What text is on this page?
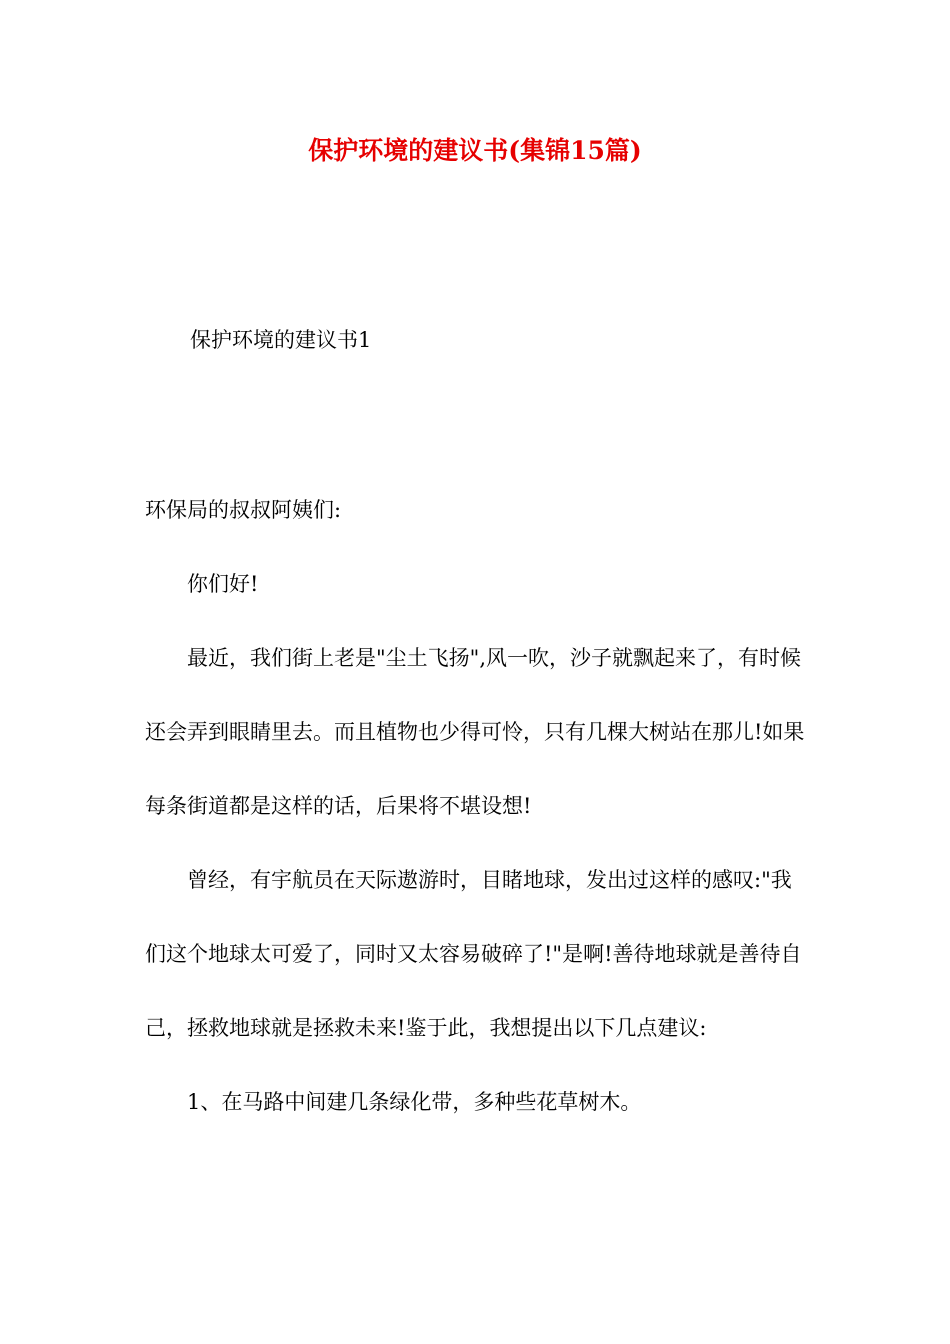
保护环境的建议书(集锦15篇)
保护环境的建议书1

环保局的叔叔阿姨们:

你们好!

最近，我们街上老是"尘土飞扬",风一吹，沙子就飘起来了，有时候还会弄到眼睛里去。而且植物也少得可怜，只有几棵大树站在那儿!如果每条街道都是这样的话，后果将不堪设想!

曾经，有宇航员在天际遨游时，目睹地球，发出过这样的感叹:"我们这个地球太可爱了，同时又太容易破碎了!"是啊!善待地球就是善待自己，拯救地球就是拯救未来!鉴于此，我想提出以下几点建议:

1、在马路中间建几条绿化带，多种些花草树木。
